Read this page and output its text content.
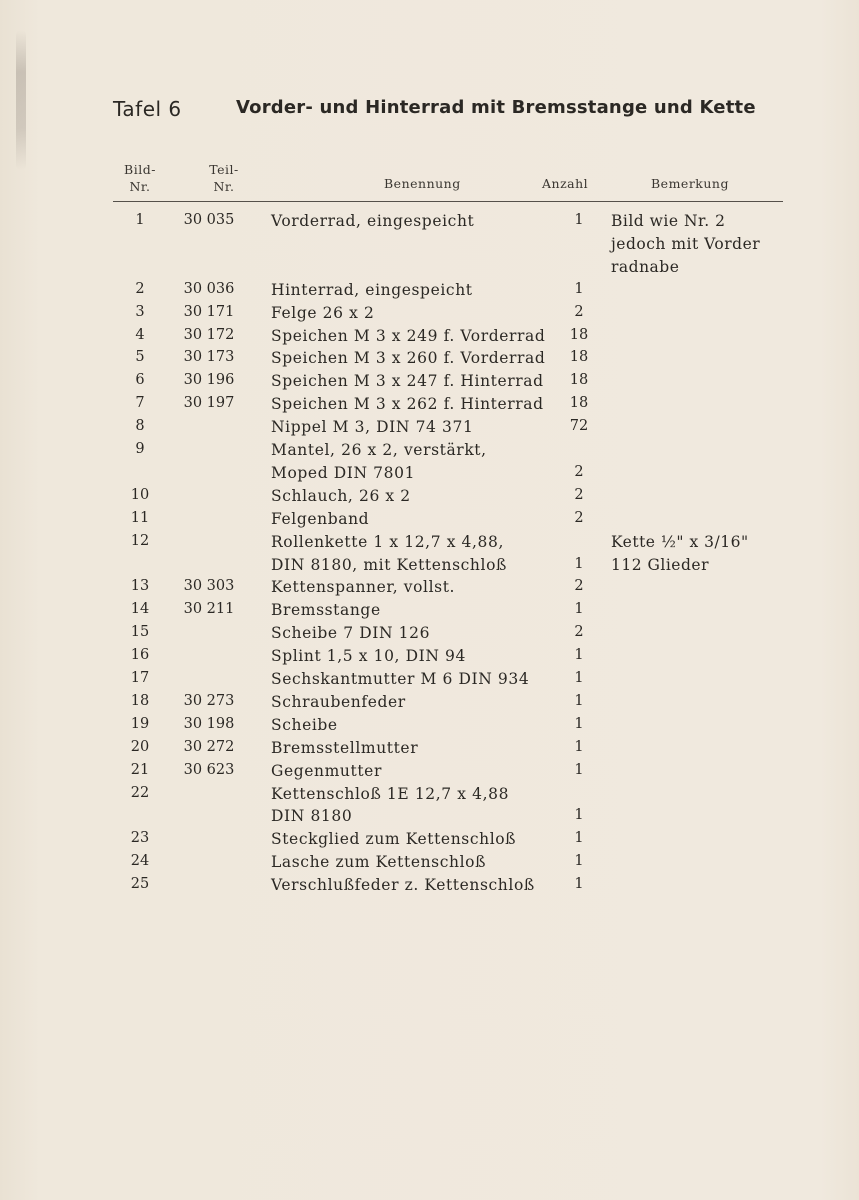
Tafel 6	Vorder- und Hinterrad mit Bremsstange und Kette
Bild-
Nr.
Teil-
Nr.	Benennung	Anzahl	Bemerkung
1	30 035 Vorderrad, eingespeicht	1	Bild wie Nr. 2
jedoch mit Vorder
radnabe
2	30 036 Hinterrad, eingespeicht	1
3	30 171 Felge 26 x 2	2
4	30 172 Speichen M 3 x 249 f. Vorderrad	18
5	30 173 Speichen M 3 x 260 f. Vorderrad	18
6	30 196 Speichen M 3 x 247 f. Hinterrad	18
7	30 197 Speichen M 3 x 262 f. Hinterrad	18
8	Nippel M 3, DIN 74 371	72
9	Mantel, 26 x 2, verstärkt,
Moped DIN 7801	2
10	Schlauch, 26 x 2	2
11	Felgenband	2
12	Rollenkette 1 x 12,7 x 4,88,	Kette ½" x 3/16"
DIN 8180, mit Kettenschloß	1	112 Glieder
13	30 303 Kettenspanner, vollst.	2
14	30 211 Bremsstange	1
15	Scheibe 7 DIN 126	2
16	Splint 1,5 x 10, DIN 94	1
17	Sechskantmutter M 6 DIN 934	1
18	30 273 Schraubenfeder	1
19	30 198 Scheibe	1
20	30 272 Bremsstellmutter	1
21	30 623 Gegenmutter	1
22	Kettenschloß 1E 12,7 x 4,88
DIN 8180	1
23	Steckglied zum Kettenschloß	1
24	Lasche zum Kettenschloß	1
25	Verschlußfeder z. Kettenschloß	1
